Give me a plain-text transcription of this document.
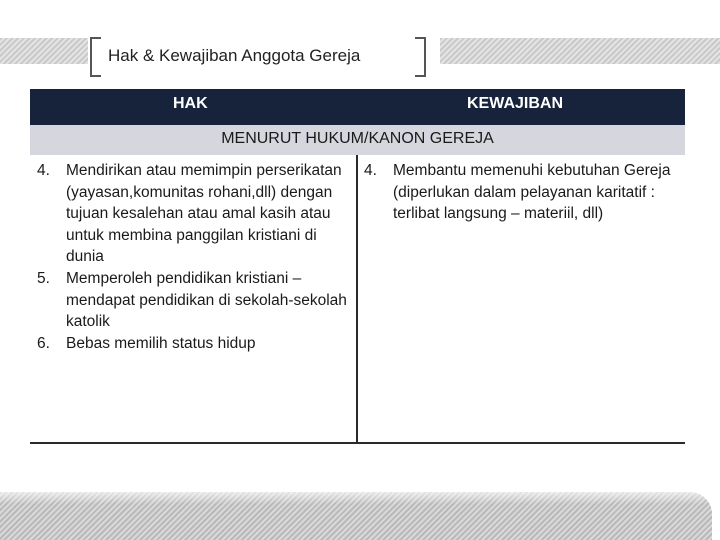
Hak & Kewajiban Anggota Gereja
HAK	KEWAJIBAN
MENURUT HUKUM/KANON GEREJA
4. Mendirikan atau memimpin perserikatan (yayasan,komunitas rohani,dll) dengan tujuan kesalehan atau amal kasih atau untuk membina panggilan kristiani di dunia
5. Memperoleh pendidikan kristiani – mendapat pendidikan di sekolah-sekolah katolik
6. Bebas memilih status hidup
4. Membantu memenuhi kebutuhan Gereja (diperlukan dalam pelayanan karitatif : terlibat langsung – materiil, dll)
